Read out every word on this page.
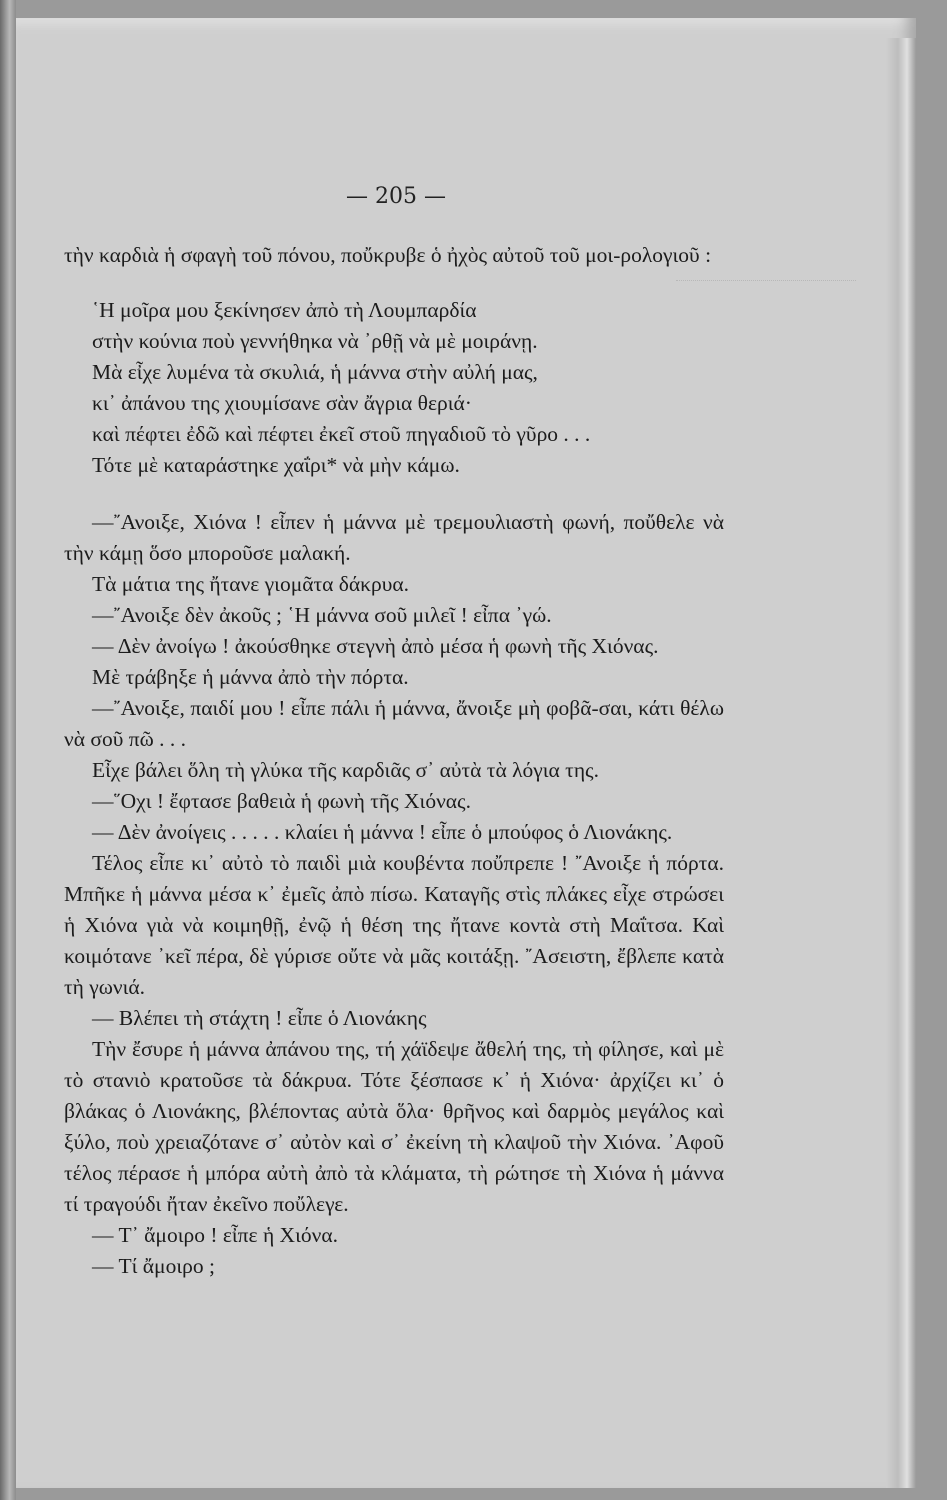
— 205 —

τὴν καρδιὰ ἡ σφαγὴ τοῦ πόνου, ποὔκρυβε ὁ ἠχὸς αὐτοῦ τοῦ μοι-ρολογιοῦ :

῾Η μοῖρα μου ξεκίνησεν ἀπὸ τὴ Λουμπαρδία
στὴν κούνια ποὺ γεννήθηκα νὰ ᾽ρθῇ νὰ μὲ μοιράνῃ.
Μὰ εἶχε λυμένα τὰ σκυλιά, ἡ μάννα στὴν αὐλή μας,
κι᾽ ἀπάνου της χιουμίσανε σὰν ἄγρια θεριά·
καὶ πέφτει ἐδῶ καὶ πέφτει ἐκεῖ στοῦ πηγαδιοῦ τὸ γῦρο . . .
Τότε μὲ καταράστηκε χαΐρι* νὰ μὴν κάμω.

—῎Ανοιξε, Χιόνα ! εἶπεν ἡ μάννα μὲ τρεμουλιαστὴ φωνή, ποὔθελε νὰ τὴν κάμῃ ὅσο μποροῦσε μαλακή.

Τὰ μάτια της ἤτανε γιομᾶτα δάκρυα.

—῎Ανοιξε δὲν ἀκοῦς ; ῾Η μάννα σοῦ μιλεῖ ! εἶπα ᾽γώ.

— Δὲν ἀνοίγω ! ἀκούσθηκε στεγνὴ ἀπὸ μέσα ἡ φωνὴ τῆς Χιόνας.

Μὲ τράβηξε ἡ μάννα ἀπὸ τὴν πόρτα.

—῎Ανοιξε, παιδί μου ! εἶπε πάλι ἡ μάννα, ἄνοιξε μὴ φοβᾶ-σαι, κάτι θέλω νὰ σοῦ πῶ . . .

Εἶχε βάλει ὅλη τὴ γλύκα τῆς καρδιᾶς σ᾽ αὐτὰ τὰ λόγια της.

—῞Οχι ! ἔφτασε βαθειὰ ἡ φωνὴ τῆς Χιόνας.

— Δὲν ἀνοίγεις . . . . . κλαίει ἡ μάννα ! εἶπε ὁ μπούφος ὁ Λιονάκης.

Τέλος εἶπε κι᾽ αὐτὸ τὸ παιδὶ μιὰ κουβέντα ποὔπρεπε ! ῎Ανοιξε ἡ πόρτα. Μπῆκε ἡ μάννα μέσα κ᾽ ἐμεῖς ἀπὸ πίσω. Καταγῆς στὶς πλάκες εἶχε στρώσει ἡ Χιόνα γιὰ νὰ κοιμηθῇ, ἐνῷ ἡ θέση της ἤτανε κοντὰ στὴ Μαΐτσα. Καὶ κοιμότανε ᾽κεῖ πέρα, δὲ γύρισε οὔτε νὰ μᾶς κοιτάξῃ. ῎Ασειστη, ἔβλεπε κατὰ τὴ γωνιά.

— Βλέπει τὴ στάχτη ! εἶπε ὁ Λιονάκης

Τὴν ἔσυρε ἡ μάννα ἀπάνου της, τή χάϊδεψε ἄθελή της, τὴ φίλησε, καὶ μὲ τὸ στανιὸ κρατοῦσε τὰ δάκρυα. Τότε ξέσπασε κ᾽ ἡ Χιόνα· ἀρχίζει κι᾽ ὁ βλάκας ὁ Λιονάκης, βλέποντας αὐτὰ ὅλα· θρῆνος καὶ δαρμὸς μεγάλος καὶ ξύλο, ποὺ χρειαζότανε σ᾽ αὐτὸν καὶ σ᾽ ἐκείνη τὴ κλαψοῦ τὴν Χιόνα. ᾽Αφοῦ τέλος πέρασε ἡ μπόρα αὐτὴ ἀπὸ τὰ κλάματα, τὴ ρώτησε τὴ Χιόνα ἡ μάννα τί τραγούδι ἤταν ἐκεῖνο ποὔλεγε.

— Τ᾽ ἄμοιρο ! εἶπε ἡ Χιόνα.

— Τί ἄμοιρο ;
